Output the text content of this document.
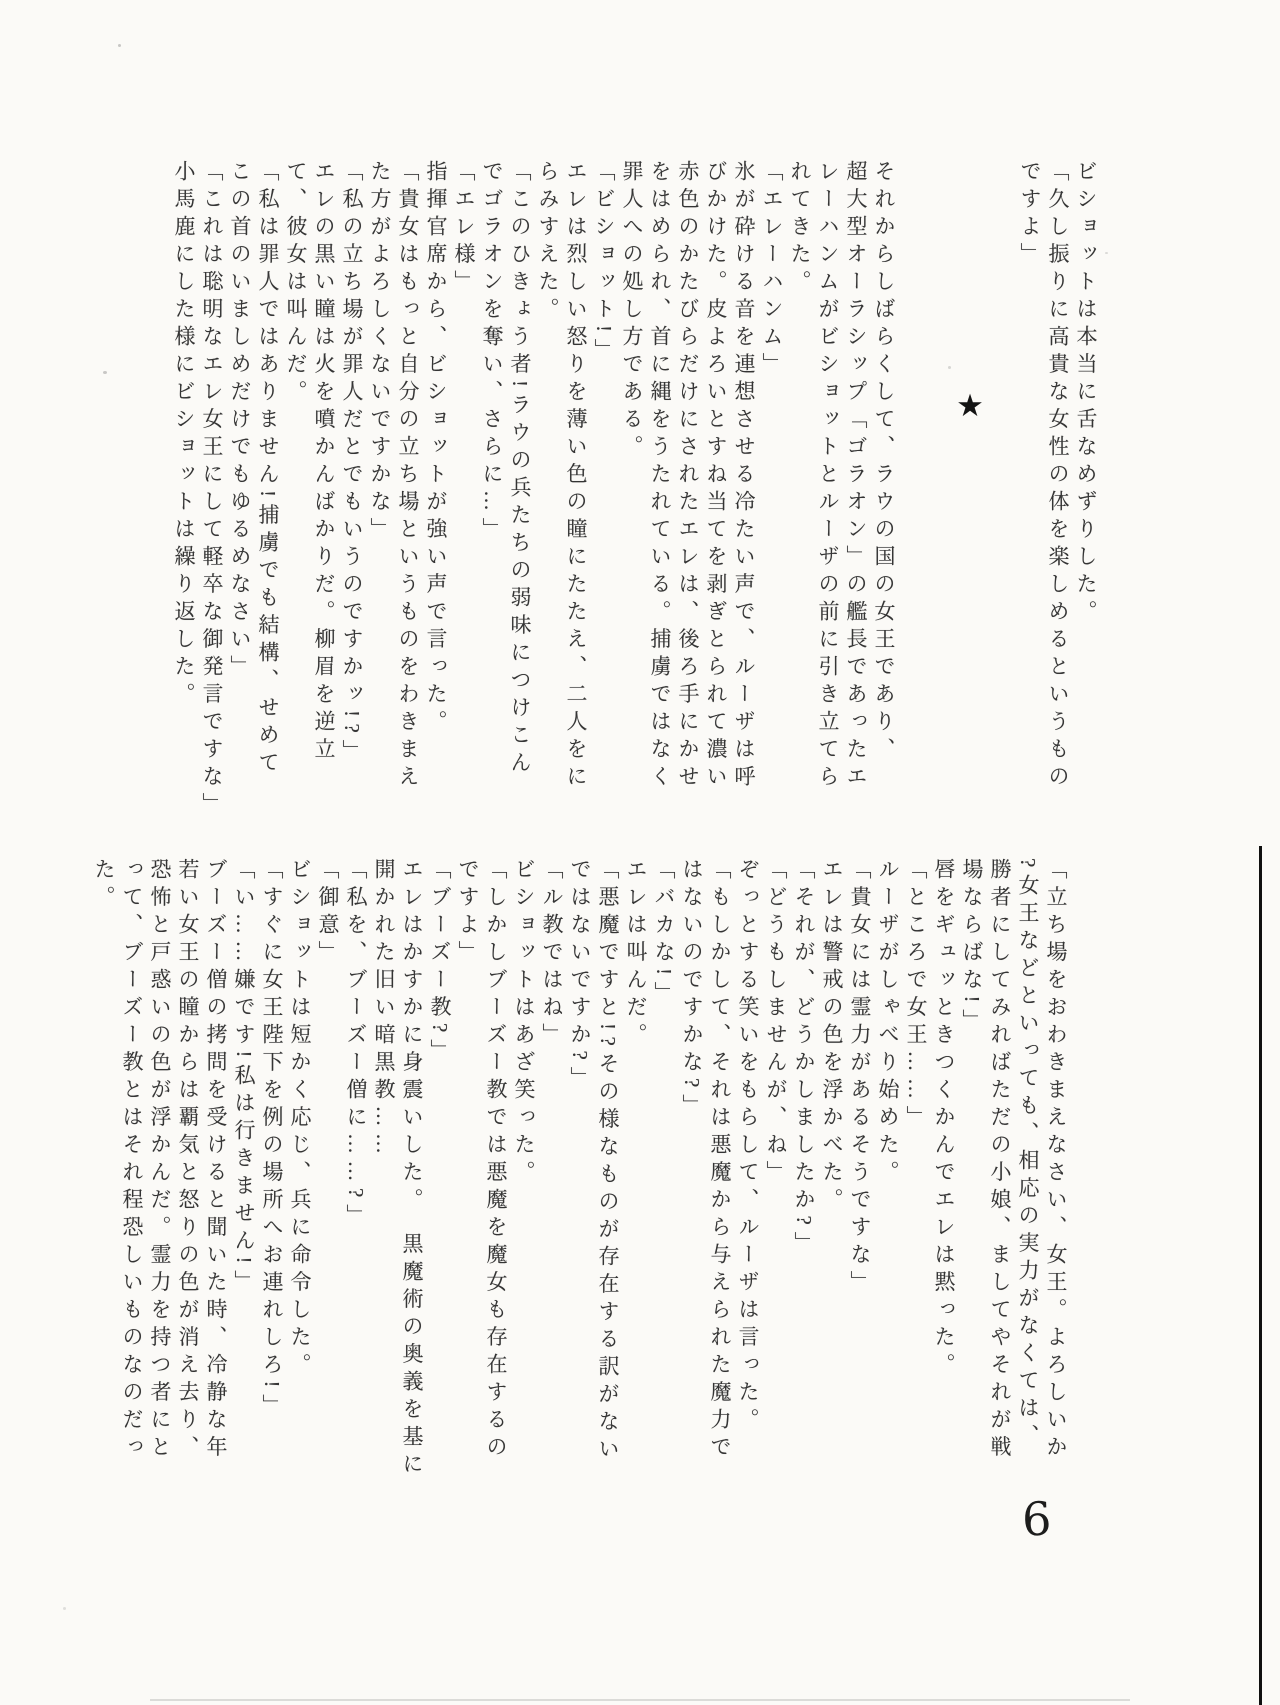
ビショットは本当に舌なめずりした。

「久し振りに高貴な女性の体を楽しめるというもの

ですよ」

★

それからしばらくして、ラウの国の女王であり、

超大型オーラシップ「ゴラオン」の艦長であったエ

レーハンムがビショットとルーザの前に引き立てら

れてきた。

「エレーハンム」

氷が砕ける音を連想させる冷たい声で、ルーザは呼

びかけた。皮よろいとすね当てを剥ぎとられて濃い

赤色のかたびらだけにされたエレは、後ろ手にかせ

をはめられ、首に縄をうたれている。捕虜ではなく

罪人への処し方である。

「ビショット!」

エレは烈しい怒りを薄い色の瞳にたたえ、二人をに

らみすえた。

「このひきょう者!ラウの兵たちの弱味につけこん

でゴラオンを奪い、さらに…」

「エレ様」

指揮官席から、ビショットが強い声で言った。

「貴女はもっと自分の立ち場というものをわきまえ

た方がよろしくないですかな」

「私の立ち場が罪人だとでもいうのですかッ!?」

エレの黒い瞳は火を噴かんばかりだ。柳眉を逆立

て、彼女は叫んだ。

「私は罪人ではありません!捕虜でも結構、せめて

この首のいましめだけでもゆるめなさい」

「これは聡明なエレ女王にして軽卒な御発言ですな」

小馬鹿にした様にビショットは繰り返した。

「立ち場をおわきまえなさい、女王。よろしいか

?女王などといっても、相応の実力がなくては、

勝者にしてみればただの小娘、ましてやそれが戦

場ならばな!」

唇をギュッときつくかんでエレは黙った。

「ところで女王……」

ルーザがしゃべり始めた。

「貴女には霊力があるそうですな」

エレは警戒の色を浮かべた。

「それが、どうかしましたか?」

「どうもしませんが、ね」

ぞっとする笑いをもらして、ルーザは言った。

「もしかして、それは悪魔から与えられた魔力で

はないのですかな?」

「バカな!」

エレは叫んだ。

「悪魔ですと!?その様なものが存在する訳がない

ではないですか?」

「ル教ではね」

ビショットはあざ笑った。

「しかしブーズー教では悪魔を魔女も存在するの

ですよ」

「ブーズー教?」

エレはかすかに身震いした。　黒魔術の奥義を基に

開かれた旧い暗黒教……

「私を、ブーズー僧に……?」

「御意」

ビショットは短かく応じ、兵に命令した。

「すぐに女王陛下を例の場所へお連れしろ!」

「い……嫌です!私は行きません!」

ブーズー僧の拷問を受けると聞いた時、冷静な年

若い女王の瞳からは覇気と怒りの色が消え去り、

恐怖と戸惑いの色が浮かんだ。霊力を持つ者にと

って、ブーズー教とはそれ程恐しいものなのだっ

た。

6
